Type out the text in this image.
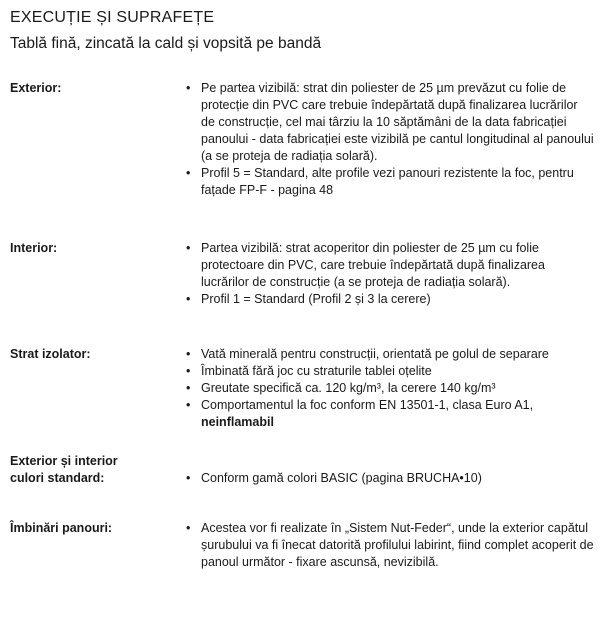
EXECUȚIE ȘI SUPRAFEȚE
Tablă fină, zincată la cald și vopsită pe bandă
Exterior:	• Pe partea vizibilă: strat din poliester de 25 µm prevăzut cu folie de protecție din PVC care trebuie îndepărtată după finalizarea lucrărilor de construcție, cel mai târziu la 10 săptămâni de la data fabricației panoului - data fabricației este vizibilă pe cantul longitudinal al panoului (a se proteja de radiația solară).
• Profil 5 = Standard, alte profile vezi panouri rezistente la foc, pentru fațade FP-F - pagina 48
Interior:	• Partea vizibilă: strat acoperitor din poliester de 25 µm cu folie protectoare din PVC, care trebuie îndepărtată după finalizarea lucrărilor de construcție (a se proteja de radiația solară).
• Profil 1 = Standard (Profil 2 și 3 la cerere)
Strat izolator:	• Vată minerală pentru construcții, orientată pe golul de separare
• Îmbinată fără joc cu straturile tablei oțelite
• Greutate specifică ca. 120 kg/m³, la cerere 140 kg/m³
• Comportamentul la foc conform EN 13501-1, clasa Euro A1,
neinflamabil
Exterior și interior
culori standard:	• Conform gamă colori BASIC (pagina BRUCHA•10)
Îmbinări panouri:	• Acestea vor fi realizate în „Sistem Nut-Feder“, unde la exterior capătul șurubului va fi înecat datorită profilului labirint, fiind complet acoperit de panoul următor - fixare ascunsă, nevizibilă.
